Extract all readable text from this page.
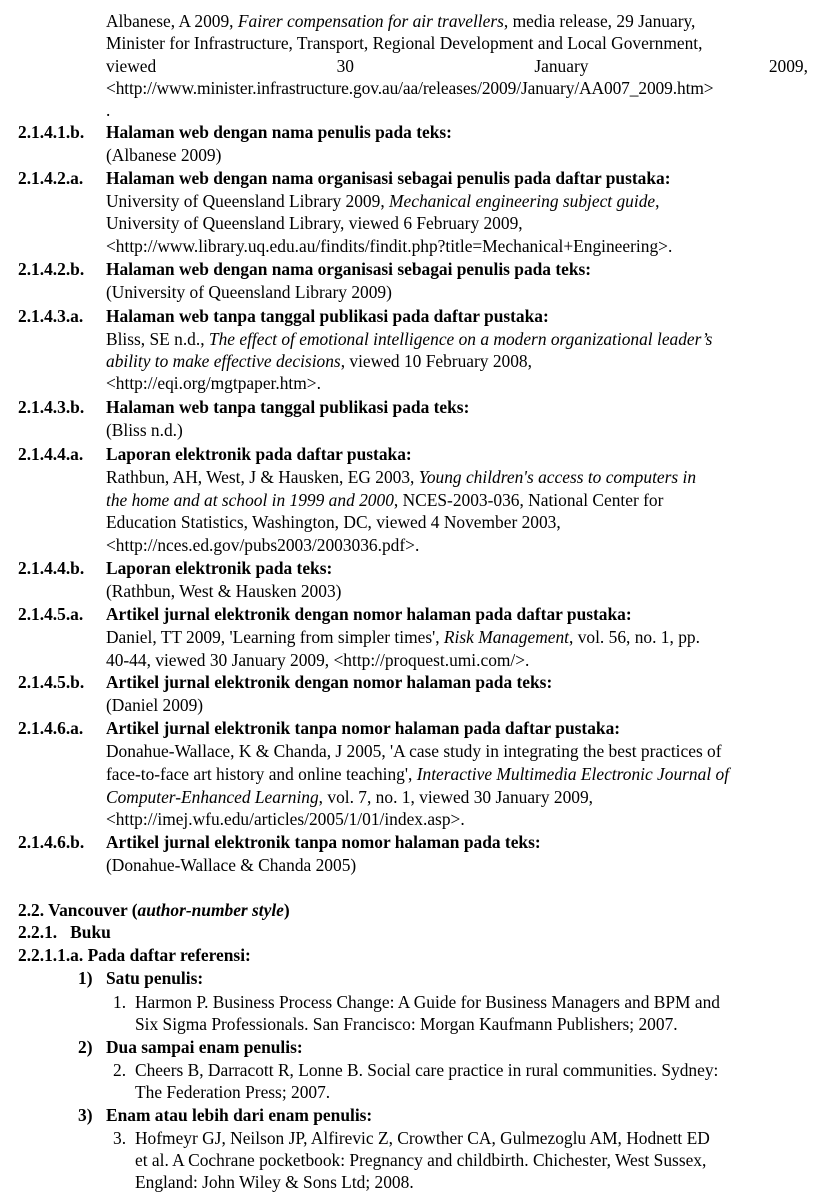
Albanese, A 2009, Fairer compensation for air travellers, media release, 29 January,
Minister for Infrastructure, Transport, Regional Development and Local Government,
viewed	30	January	2009,
<http://www.minister.infrastructure.gov.au/aa/releases/2009/January/AA007_2009.htm>
.
2.1.4.1.b. Halaman web dengan nama penulis pada teks:
(Albanese 2009)
2.1.4.2.a. Halaman web dengan nama organisasi sebagai penulis pada daftar pustaka:
University of Queensland Library 2009, Mechanical engineering subject guide,
University of Queensland Library, viewed 6 February 2009,
<http://www.library.uq.edu.au/findits/findit.php?title=Mechanical+Engineering>.
2.1.4.2.b. Halaman web dengan nama organisasi sebagai penulis pada teks:
(University of Queensland Library 2009)
2.1.4.3.a. Halaman web tanpa tanggal publikasi pada daftar pustaka:
Bliss, SE n.d., The effect of emotional intelligence on a modern organizational leader’s
ability to make effective decisions, viewed 10 February 2008,
<http://eqi.org/mgtpaper.htm>.
2.1.4.3.b. Halaman web tanpa tanggal publikasi pada teks:
(Bliss n.d.)
2.1.4.4.a. Laporan elektronik pada daftar pustaka:
Rathbun, AH, West, J & Hausken, EG 2003, Young children's access to computers in
the home and at school in 1999 and 2000, NCES-2003-036, National Center for
Education Statistics, Washington, DC, viewed 4 November 2003,
<http://nces.ed.gov/pubs2003/2003036.pdf>.
2.1.4.4.b. Laporan elektronik pada teks:
(Rathbun, West & Hausken 2003)
2.1.4.5.a. Artikel jurnal elektronik dengan nomor halaman pada daftar pustaka:
Daniel, TT 2009, 'Learning from simpler times', Risk Management, vol. 56, no. 1, pp.
40-44, viewed 30 January 2009, <http://proquest.umi.com/>.
2.1.4.5.b. Artikel jurnal elektronik dengan nomor halaman pada teks:
(Daniel 2009)
2.1.4.6.a. Artikel jurnal elektronik tanpa nomor halaman pada daftar pustaka:
Donahue-Wallace, K & Chanda, J 2005, 'A case study in integrating the best practices of
face-to-face art history and online teaching', Interactive Multimedia Electronic Journal of
Computer-Enhanced Learning, vol. 7, no. 1, viewed 30 January 2009,
<http://imej.wfu.edu/articles/2005/1/01/index.asp>.
2.1.4.6.b. Artikel jurnal elektronik tanpa nomor halaman pada teks:
(Donahue-Wallace & Chanda 2005)
2.2. Vancouver (author-number style)
2.2.1.   Buku
2.2.1.1.a. Pada daftar referensi:
1) Satu penulis:
1. Harmon P. Business Process Change: A Guide for Business Managers and BPM and
Six Sigma Professionals. San Francisco: Morgan Kaufmann Publishers; 2007.
2) Dua sampai enam penulis:
2. Cheers B, Darracott R, Lonne B. Social care practice in rural communities. Sydney:
The Federation Press; 2007.
3) Enam atau lebih dari enam penulis:
3. Hofmeyr GJ, Neilson JP, Alfirevic Z, Crowther CA, Gulmezoglu AM, Hodnett ED
et al. A Cochrane pocketbook: Pregnancy and childbirth. Chichester, West Sussex,
England: John Wiley & Sons Ltd; 2008.
